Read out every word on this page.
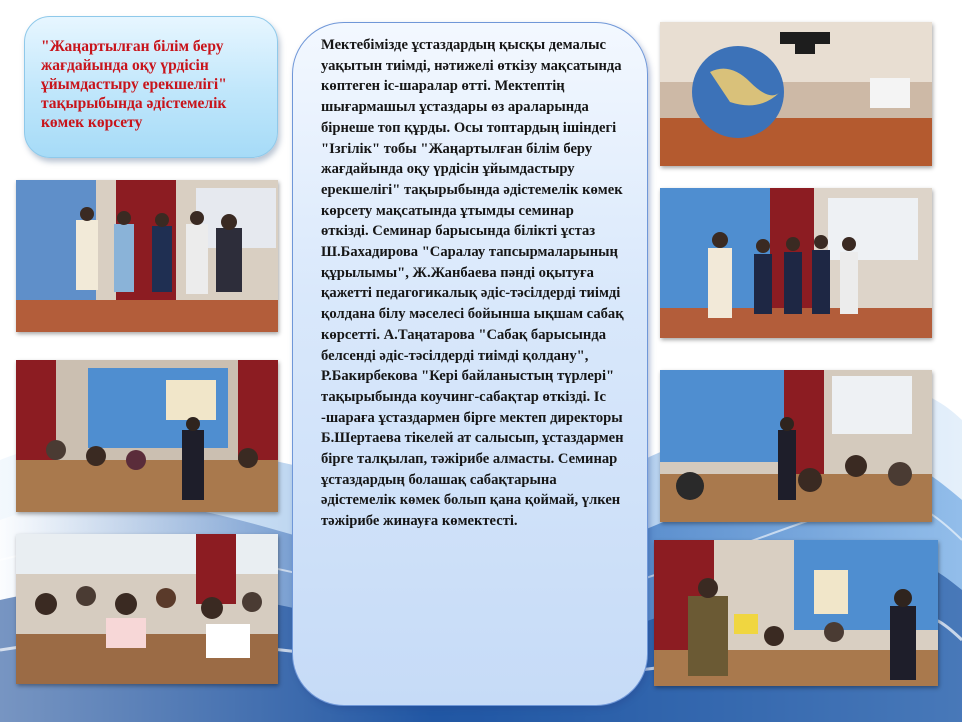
"Жаңартылған білім беру жағдайында оқу үрдісін ұйымдастыру ерекшелігі" тақырыбында әдістемелік көмек көрсету

Мектебімізде ұстаздардың қысқы демалыс уақытын тиімді, нәтижелі өткізу мақсатында көптеген іс-шаралар өтті. Мектептің шығармашыл ұстаздары өз араларында бірнеше топ құрды. Осы топтардың ішіндегі "Ізгілік" тобы "Жаңартылған білім беру жағдайында оқу үрдісін ұйымдастыру ерекшелігі" тақырыбында әдістемелік көмек көрсету мақсатында ұтымды семинар өткізді. Семинар барысында білікті ұстаз Ш.Бахадирова "Саралау тапсырмаларының құрылымы", Ж.Жанбаева пәнді оқытуға қажетті педагогикалық әдіс-тәсілдерді тиімді қолдана білу мәселесі бойынша ықшам сабақ көрсетті. А.Таңатарова "Сабақ барысында белсенді әдіс-тәсілдерді тиімді қолдану", Р.Бакирбекова "Кері байланыстың түрлері" тақырыбында коучинг-сабақтар өткізді. Іс -шараға ұстаздармен бірге мектеп директоры Б.Шертаева тікелей ат салысып, ұстаздармен бірге талқылап, тәжірибе алмасты. Семинар ұстаздардың болашақ сабақтарына әдістемелік көмек болып қана қоймай, үлкен тәжірибе жинауға көмектесті.
